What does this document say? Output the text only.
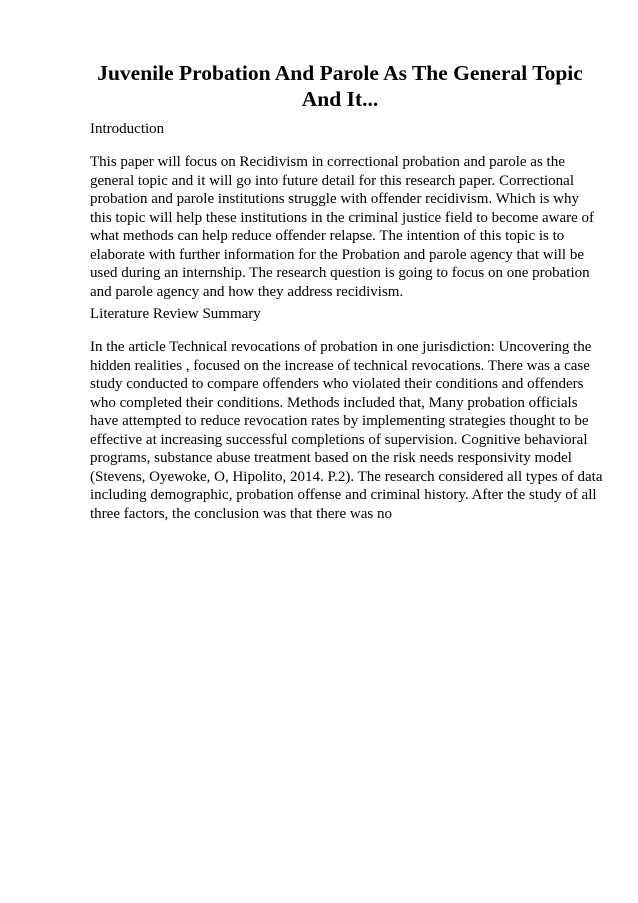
Juvenile Probation And Parole As The General Topic And It...

Introduction

This paper will focus on Recidivism in correctional probation and parole as the
general topic and it will go into future detail for this research paper. Correctional
probation and parole institutions struggle with offender recidivism. Which is why
this topic will help these institutions in the criminal justice field to become aware of
what methods can help reduce offender relapse. The intention of this topic is to
elaborate with further information for the Probation and parole agency that will be
used during an internship. The research question is going to focus on one probation
and parole agency and how they address recidivism.

Literature Review Summary

In the article Technical revocations of probation in one jurisdiction: Uncovering the
hidden realities , focused on the increase of technical revocations. There was a case
study conducted to compare offenders who violated their conditions and offenders
who completed their conditions. Methods included that, Many probation officials
have attempted to reduce revocation rates by implementing strategies thought to be
effective at increasing successful completions of supervision. Cognitive behavioral
programs, substance abuse treatment based on the risk needs responsivity model
(Stevens, Oyewoke, O, Hipolito, 2014. P.2). The research considered all types of data
including demographic, probation offense and criminal history. After the study of all
three factors, the conclusion was that there was no
